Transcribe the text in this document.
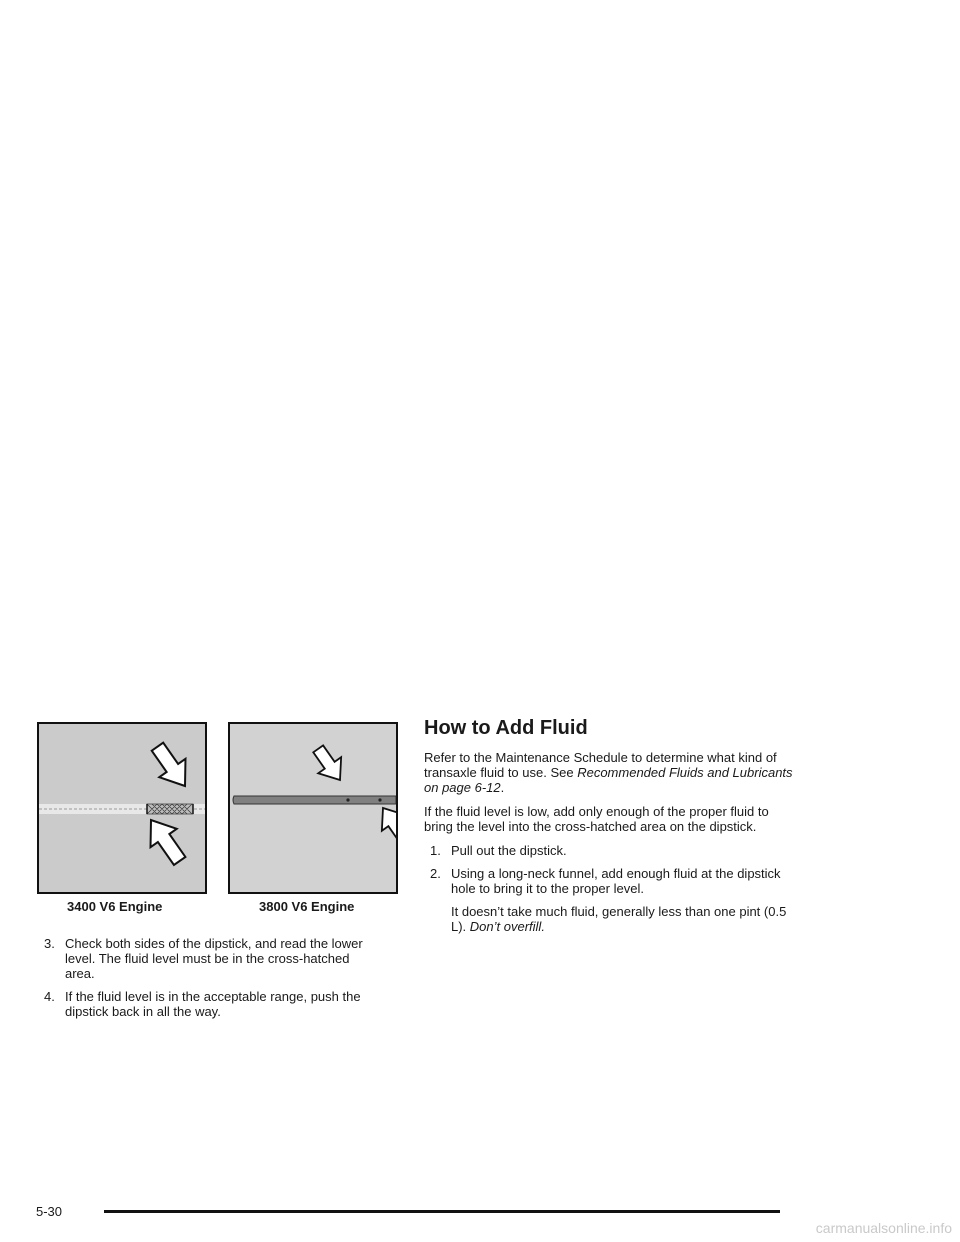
3400 V6 Engine	3800 V6 Engine
3. Check both sides of the dipstick, and read the lower level. The fluid level must be in the cross-hatched area.
4. If the fluid level is in the acceptable range, push the dipstick back in all the way.
How to Add Fluid

Refer to the Maintenance Schedule to determine what kind of transaxle fluid to use. See Recommended Fluids and Lubricants on page 6-12.

If the fluid level is low, add only enough of the proper fluid to bring the level into the cross-hatched area on the dipstick.

1. Pull out the dipstick.
2. Using a long-neck funnel, add enough fluid at the dipstick hole to bring it to the proper level.
It doesn’t take much fluid, generally less than one pint (0.5 L). Don’t overfill.
5-30
carmanualsonline.info
